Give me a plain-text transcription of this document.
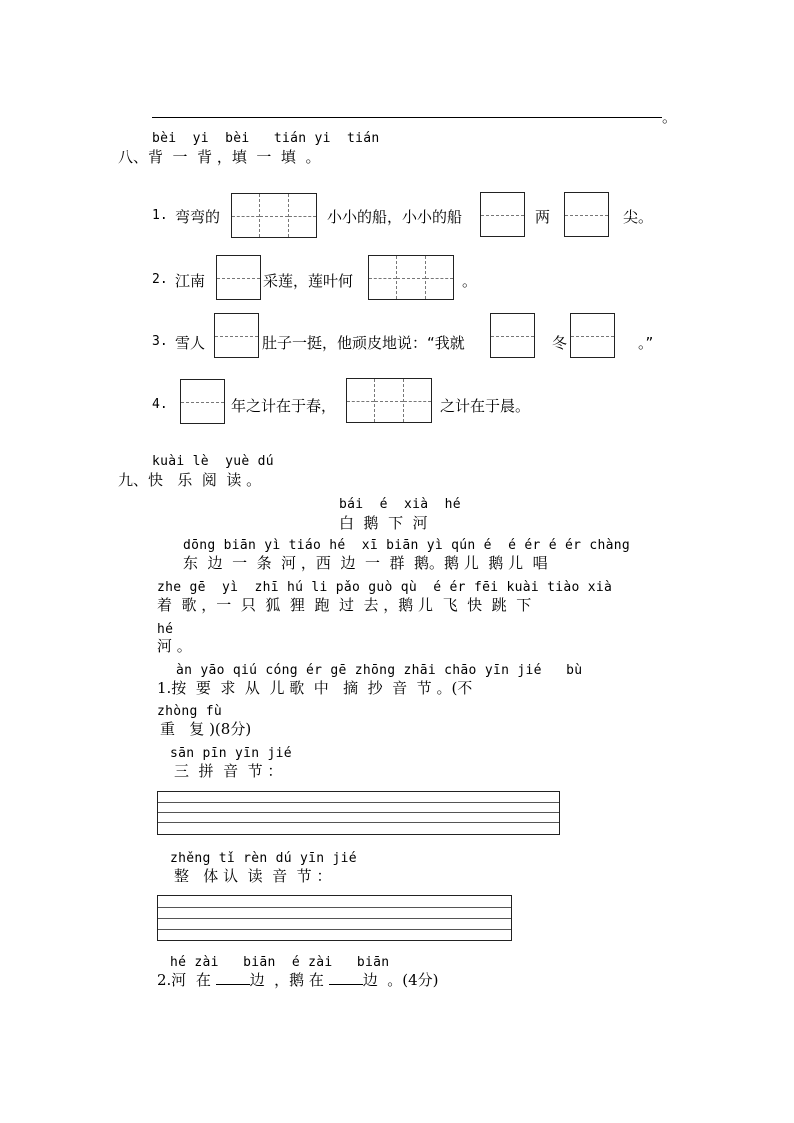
。
bèi  yi  bèi   tián yi  tián
八、背  一  背 ，填  一  填  。
1. 弯弯的	小小的船，小小的船	两	尖。
2. 江南	采莲，莲叶何	。
3. 雪人	肚子一挺，他顽皮地说：“我就	冬	。”
4.	年之计在于春，	之计在于晨。
kuài lè  yuè dú
九、快   乐  阅  读 。
bái  é  xià  hé
白  鹅  下  河
dōng biān yì tiáo hé  xī biān yì qún é  é ér é ér chàng
东  边  一  条  河 ，西  边  一  群  鹅。鹅 儿  鹅 儿  唱
zhe gē  yì  zhī hú li pǎo guò qù  é ér fēi kuài tiào xià
着  歌 ，一  只  狐  狸  跑  过  去 ，鹅 儿  飞  快  跳  下
hé
河 。
àn yāo qiú cóng ér gē zhōng zhāi chāo yīn jié   bù
1.按  要  求  从  儿 歌  中   摘  抄  音  节 。(不
zhòng fù
重   复 )(8分)
sān pīn yīn jié
三  拼  音  节 ：
zhěng tǐ rèn dú yīn jié
整   体 认  读  音  节 ：
hé zài   biān  é zài   biān
2.河  在 边  ，鹅 在 边  。(4分)
